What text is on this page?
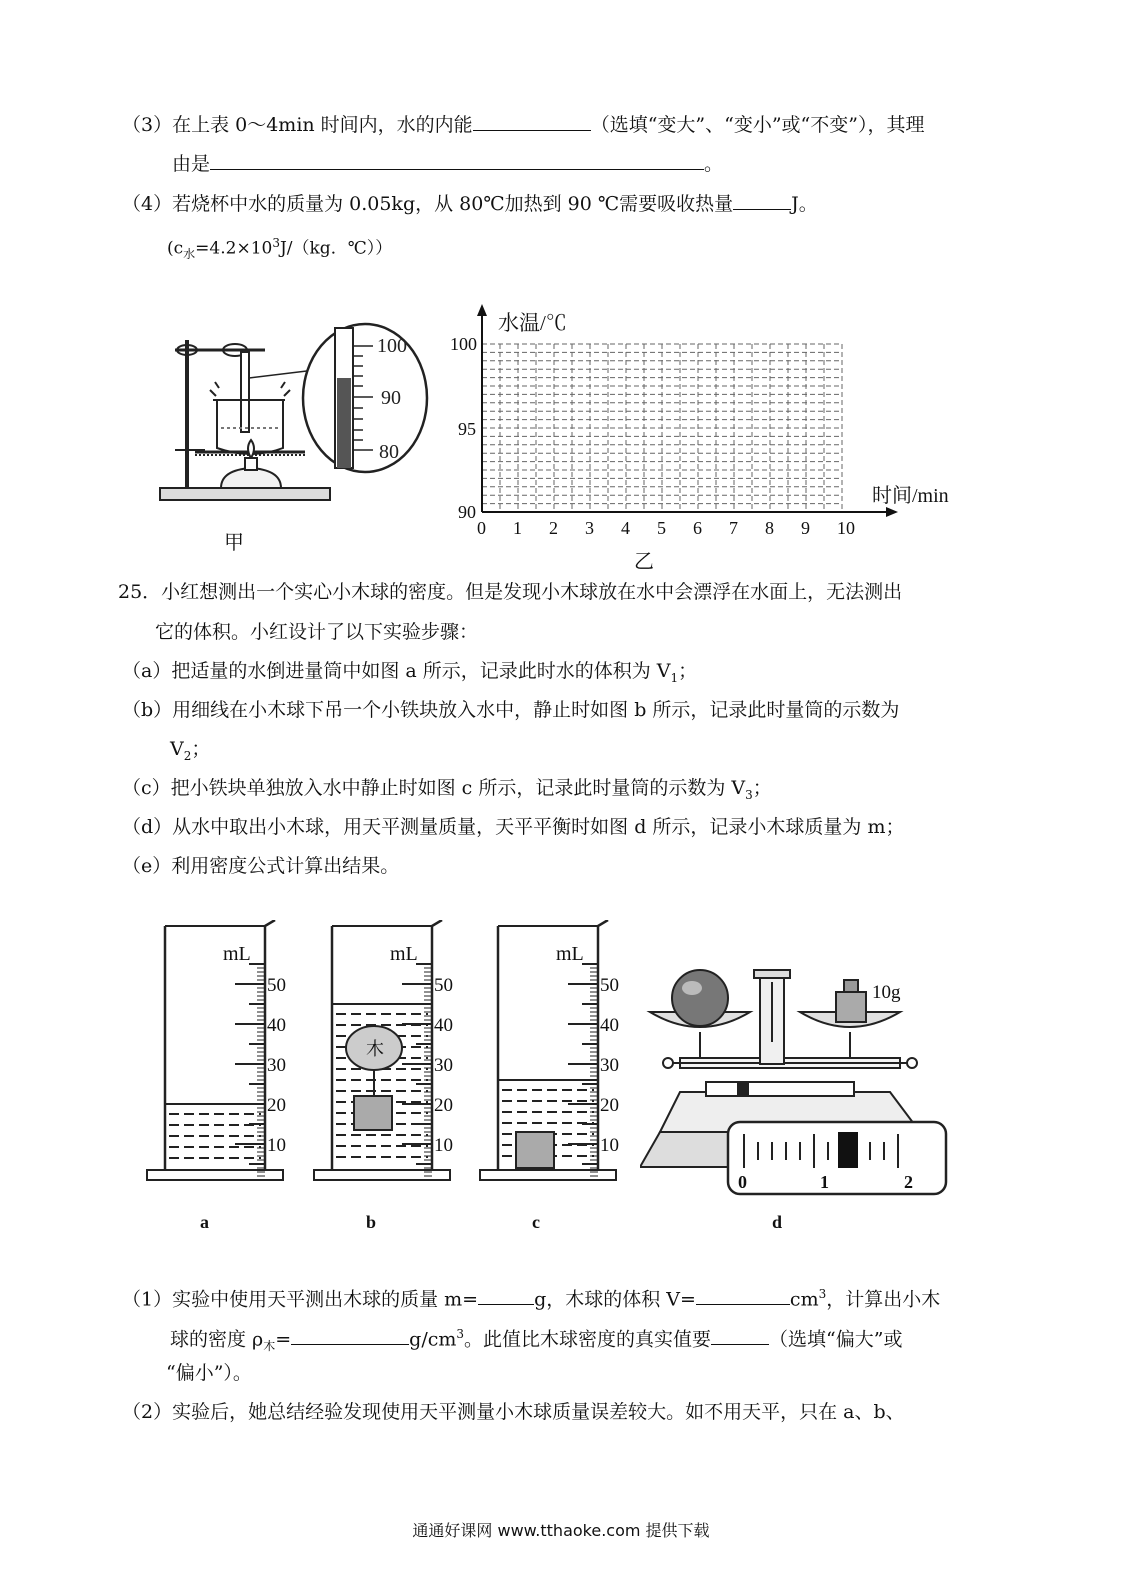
（3）在上表 0～4min 时间内，水的内能	（选填“变大”、“变小”或“不变”），其理
由是	。
（4）若烧杯中水的质量为 0.05kg，从 80℃加热到 90 ℃需要吸收热量	J。
($c_水=4.2\times 10^3J/(kg$．℃））
100
90
80
甲
水温/℃
时间/min
100
95
90
0 1 2 3 4 5 6 7 8 9 10
乙
25．小红想测出一个实心小木球的密度。但是发现小木球放在水中会漂浮在水面上，无法测出
它的体积。小红设计了以下实验步骤：
（a）把适量的水倒进量筒中如图 a 所示，记录此时水的体积为 $V_1$；
（b）用细线在小木球下吊一个小铁块放入水中，静止时如图 b 所示，记录此时量筒的示数为
$V_2$；
（c）把小铁块单独放入水中静止时如图 c 所示，记录此时量筒的示数为 $V_3$；
（d）从水中取出小木球，用天平测量质量，天平平衡时如图 d 所示，记录小木球质量为 m；
（e）利用密度公式计算出结果。
50
40
30
20
10
mL
50
40
30
20
10
mL
木
50
40
30
20
10
mL
a	b	c
10g
0	1	2
d
（1）实验中使用天平测出木球的质量 m=	g，木球的体积 V=	$cm^3$，计算出小木
球的密度 $\rho_木=$	$g/cm^3$。此值比木球密度的真实值要	（选填“偏大”或
“偏小”）。
（2）实验后，她总结经验发现使用天平测量小木球质量误差较大。如不用天平，只在 a、b、
通通好课网 www.tthaoke.com 提供下载
